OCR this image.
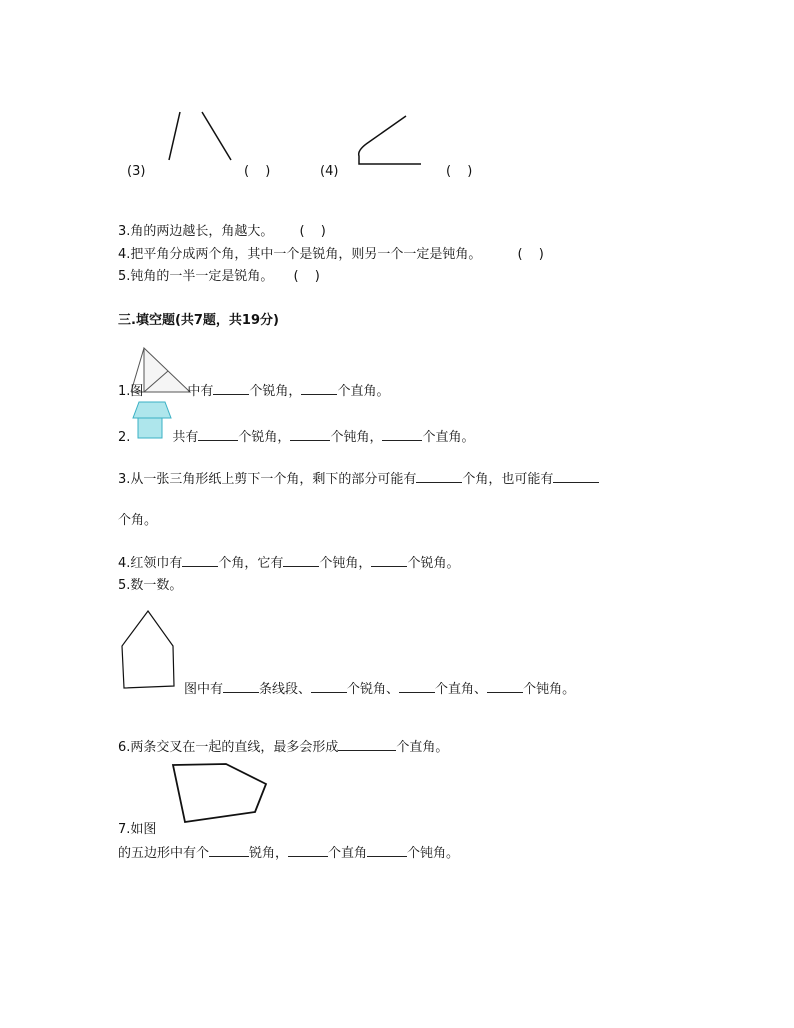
(3)	( )	(4)	( )
3.角的两边越长，角越大。 ( )
4.把平角分成两个角，其中一个是锐角，则另一个一定是钝角。	( )
5.钝角的一半一定是锐角。 ( )
三.填空题(共7题，共19分)
1.图	中有	个锐角，	个直角。
2.	共有	个锐角，	个钝角，	个直角。
3.从一张三角形纸上剪下一个角，剩下的部分可能有	个角，也可能有
个角。
4.红领巾有	个角，它有	个钝角，	个锐角。
5.数一数。
图中有	条线段、	个锐角、	个直角、	个钝角。
6.两条交叉在一起的直线，最多会形成	个直角。
7.如图
的五边形中有个	锐角，	个直角	个钝角。
